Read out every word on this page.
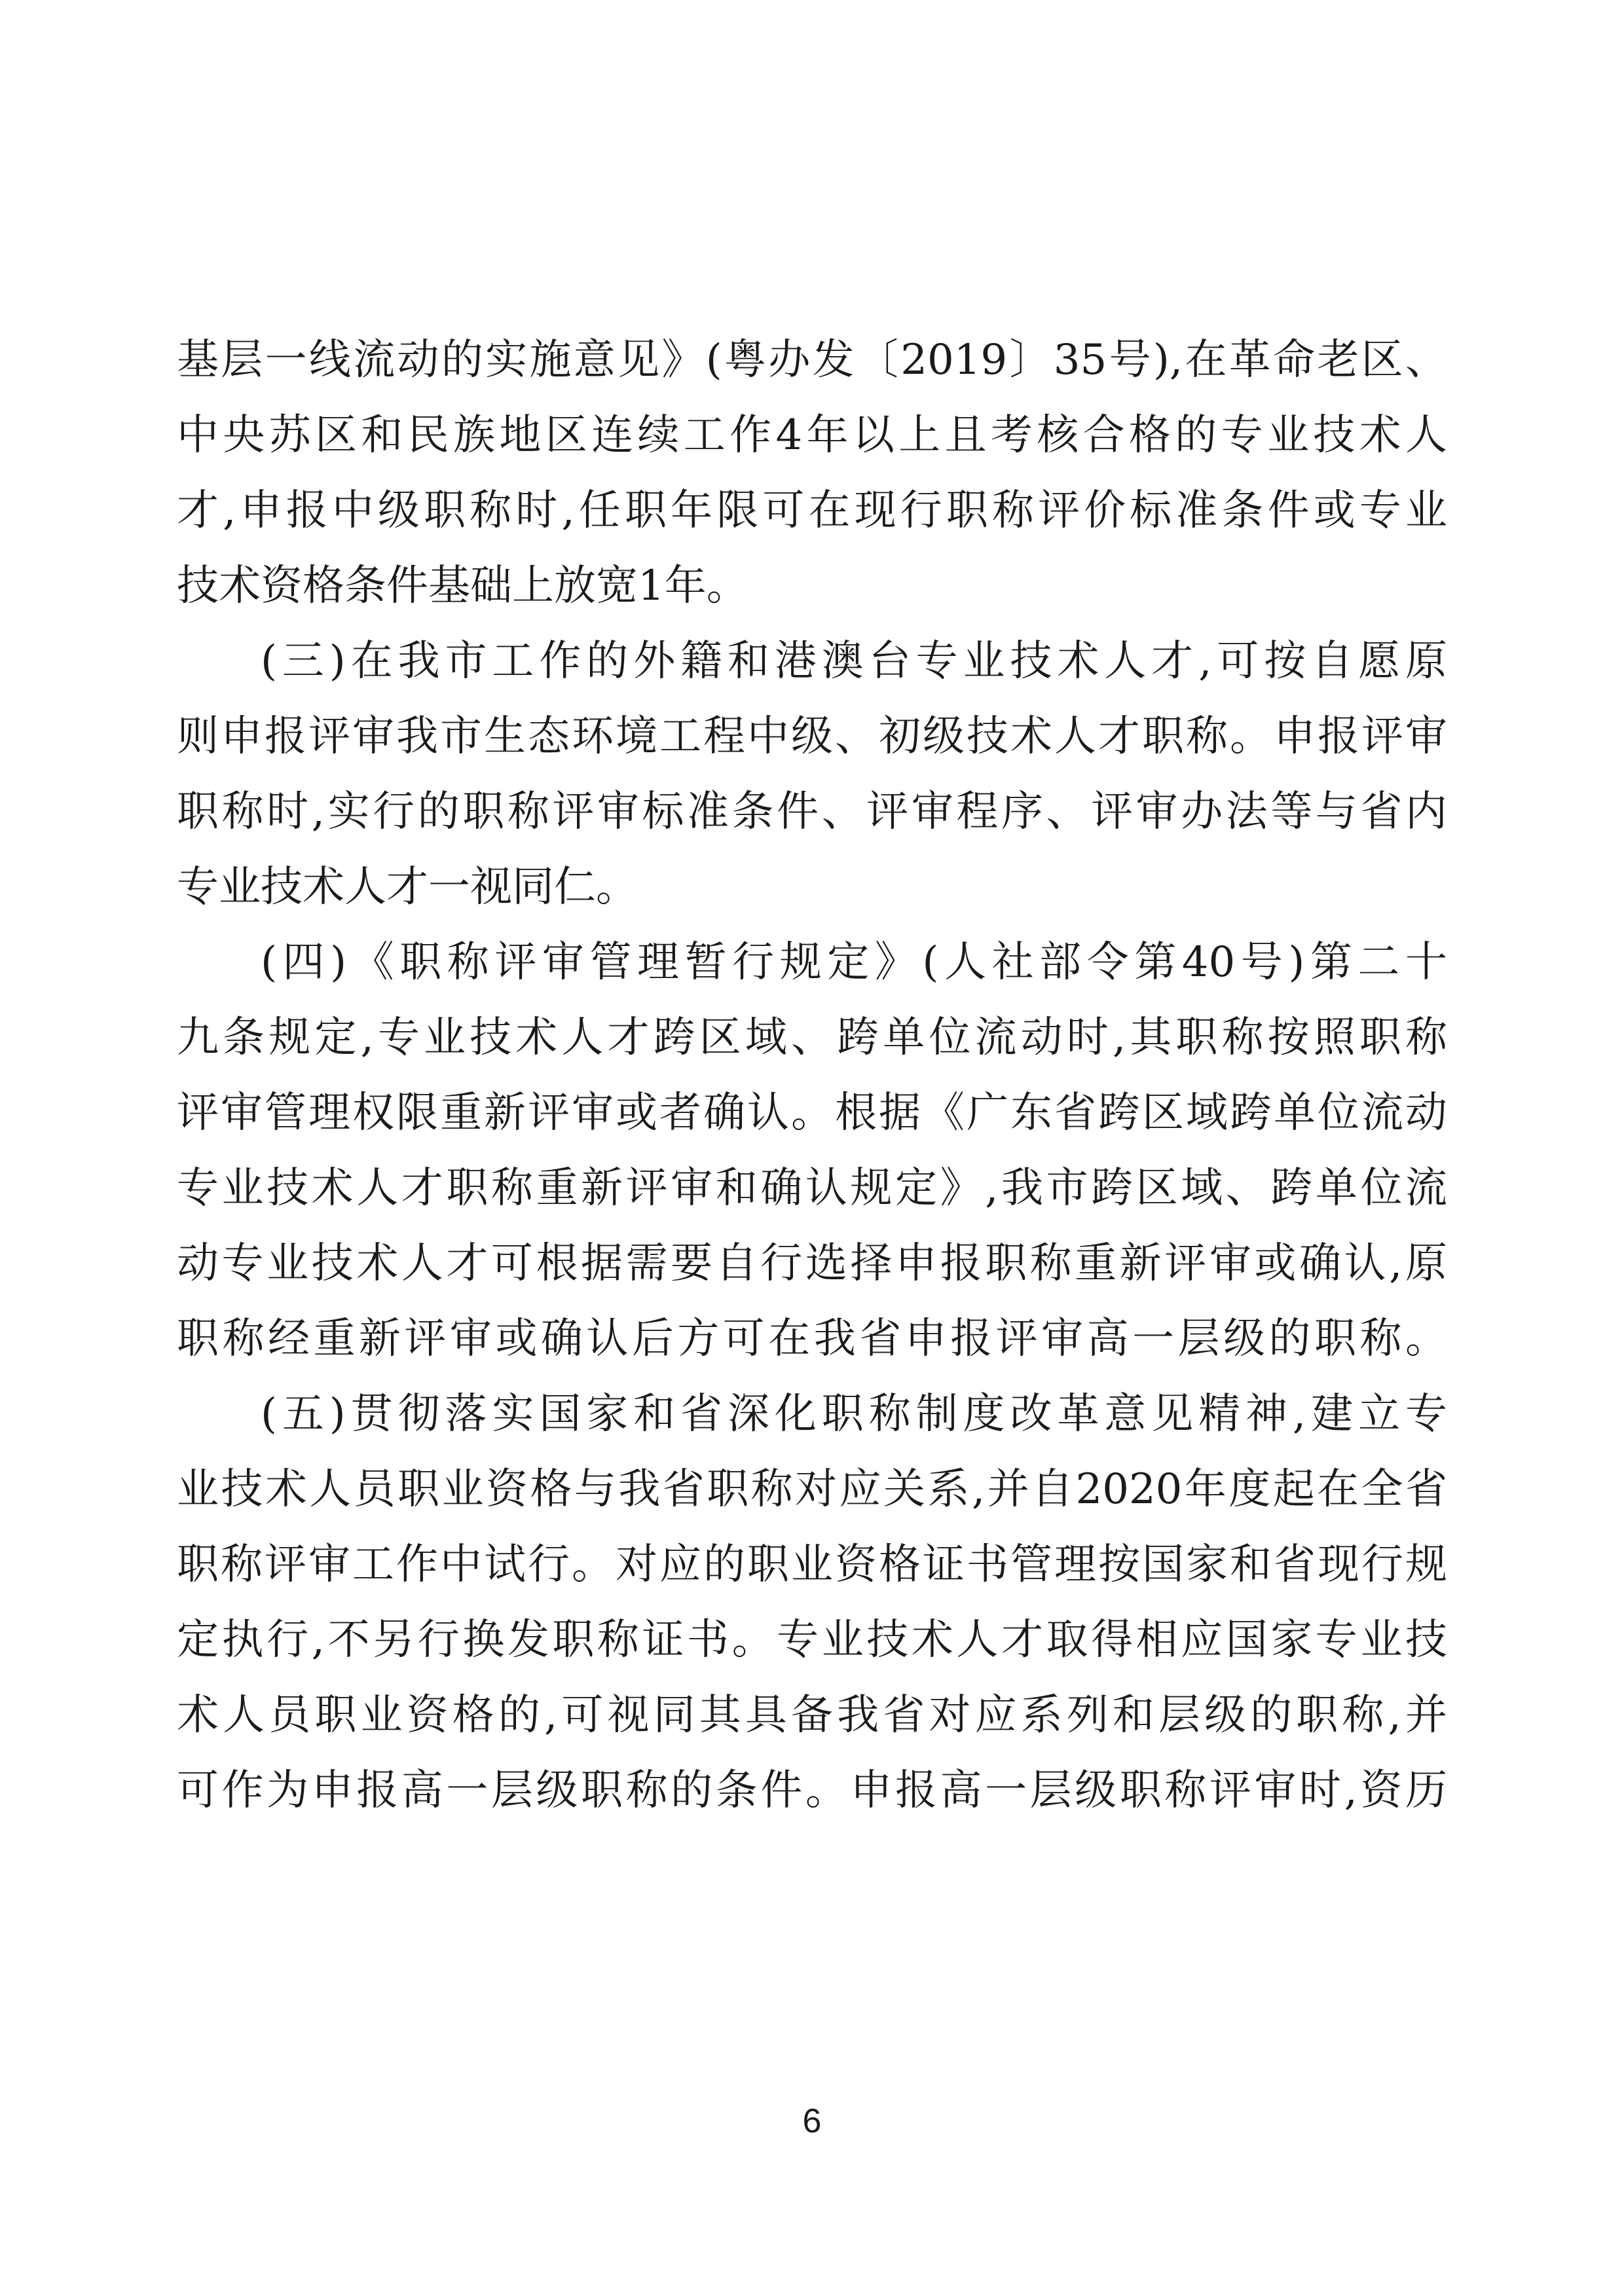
基层一线流动的实施意见》(粤办发〔2019〕35号),在革命老区、
中央苏区和民族地区连续工作4年以上且考核合格的专业技术人
才,申报中级职称时,任职年限可在现行职称评价标准条件或专业
技术资格条件基础上放宽1年。
(三)在我市工作的外籍和港澳台专业技术人才,可按自愿原
则申报评审我市生态环境工程中级、初级技术人才职称。申报评审
职称时,实行的职称评审标准条件、评审程序、评审办法等与省内
专业技术人才一视同仁。
(四)《职称评审管理暂行规定》(人社部令第40号)第二十
九条规定,专业技术人才跨区域、跨单位流动时,其职称按照职称
评审管理权限重新评审或者确认。根据《广东省跨区域跨单位流动
专业技术人才职称重新评审和确认规定》,我市跨区域、跨单位流
动专业技术人才可根据需要自行选择申报职称重新评审或确认,原
职称经重新评审或确认后方可在我省申报评审高一层级的职称。
(五)贯彻落实国家和省深化职称制度改革意见精神,建立专
业技术人员职业资格与我省职称对应关系,并自2020年度起在全省
职称评审工作中试行。对应的职业资格证书管理按国家和省现行规
定执行,不另行换发职称证书。专业技术人才取得相应国家专业技
术人员职业资格的,可视同其具备我省对应系列和层级的职称,并
可作为申报高一层级职称的条件。申报高一层级职称评审时,资历
6
